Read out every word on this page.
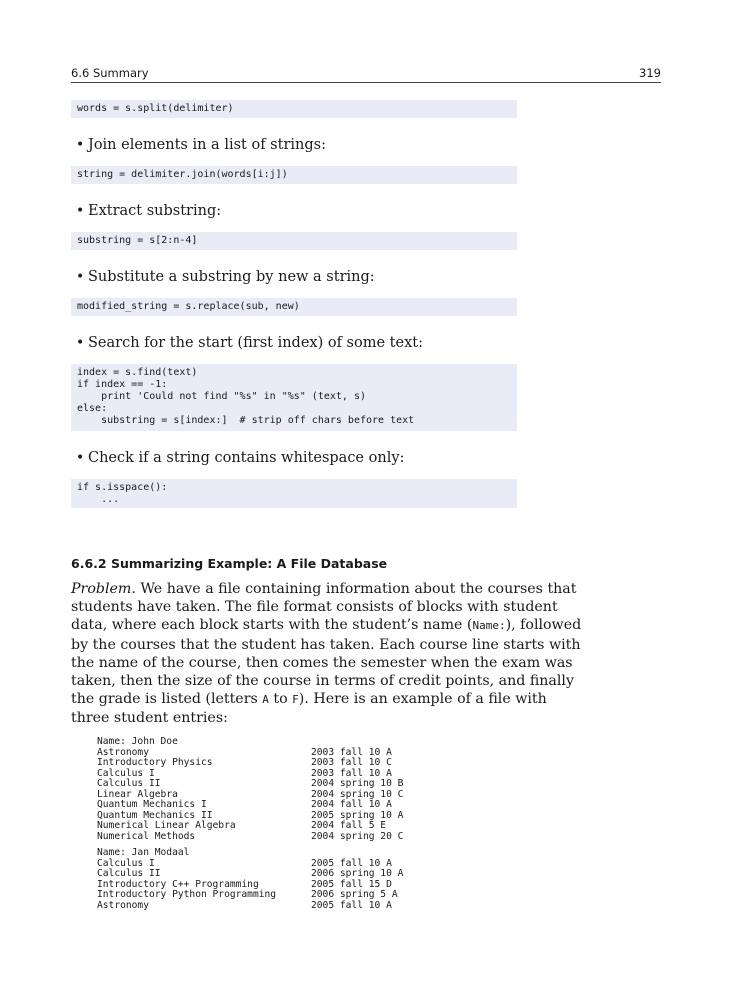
6.6 Summary	319
words = s.split(delimiter)
• Join elements in a list of strings:
string = delimiter.join(words[i:j])
• Extract substring:
substring = s[2:n-4]
• Substitute a substring by new a string:
modified_string = s.replace(sub, new)
• Search for the start (first index) of some text:
index = s.find(text)
if index == -1:
print 'Could not find "%s" in "%s" (text, s)
else:
substring = s[index:]  # strip off chars before text
• Check if a string contains whitespace only:
if s.isspace():
...
6.6.2 Summarizing Example: A File Database
Problem. We have a file containing information about the courses that
students have taken. The file format consists of blocks with student
data, where each block starts with the student’s name (Name:), followed
by the courses that the student has taken. Each course line starts with
the name of the course, then comes the semester when the exam was
taken, then the size of the course in terms of credit points, and finally
the grade is listed (letters A to F). Here is an example of a file with
three student entries:
Name: John Doe
Astronomy	2003 fall 10 A
Introductory Physics	2003 fall 10 C
Calculus I	2003 fall 10 A
Calculus II	2004 spring 10 B
Linear Algebra	2004 spring 10 C
Quantum Mechanics I	2004 fall 10 A
Quantum Mechanics II	2005 spring 10 A
Numerical Linear Algebra	2004 fall 5 E
Numerical Methods	2004 spring 20 C
Name: Jan Modaal
Calculus I	2005 fall 10 A
Calculus II	2006 spring 10 A
Introductory C++ Programming	2005 fall 15 D
Introductory Python Programming	2006 spring 5 A
Astronomy	2005 fall 10 A
